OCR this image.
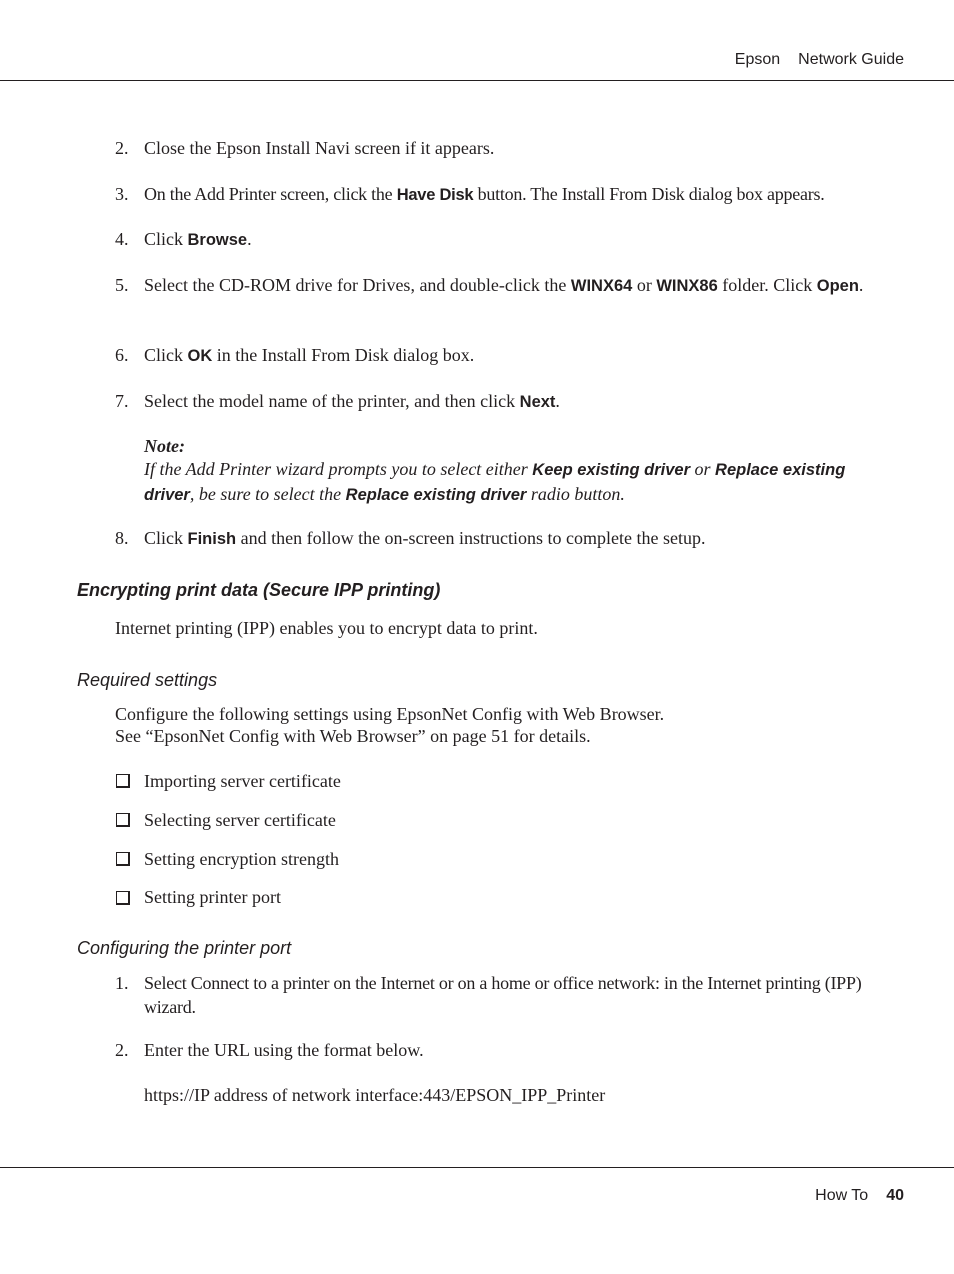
Epson Network Guide
2. Close the Epson Install Navi screen if it appears.
3. On the Add Printer screen, click the Have Disk button. The Install From Disk dialog box appears.
4. Click Browse.
5. Select the CD-ROM drive for Drives, and double-click the WINX64 or WINX86 folder. Click Open.
6. Click OK in the Install From Disk dialog box.
7. Select the model name of the printer, and then click Next.
Note:
If the Add Printer wizard prompts you to select either Keep existing driver or Replace existing driver, be sure to select the Replace existing driver radio button.
8. Click Finish and then follow the on-screen instructions to complete the setup.
Encrypting print data (Secure IPP printing)
Internet printing (IPP) enables you to encrypt data to print.
Required settings
Configure the following settings using EpsonNet Config with Web Browser.
See “EpsonNet Config with Web Browser” on page 51 for details.
Importing server certificate
Selecting server certificate
Setting encryption strength
Setting printer port
Configuring the printer port
1. Select Connect to a printer on the Internet or on a home or office network: in the Internet printing (IPP) wizard.
2. Enter the URL using the format below.
https://IP address of network interface:443/EPSON_IPP_Printer
How To 40
